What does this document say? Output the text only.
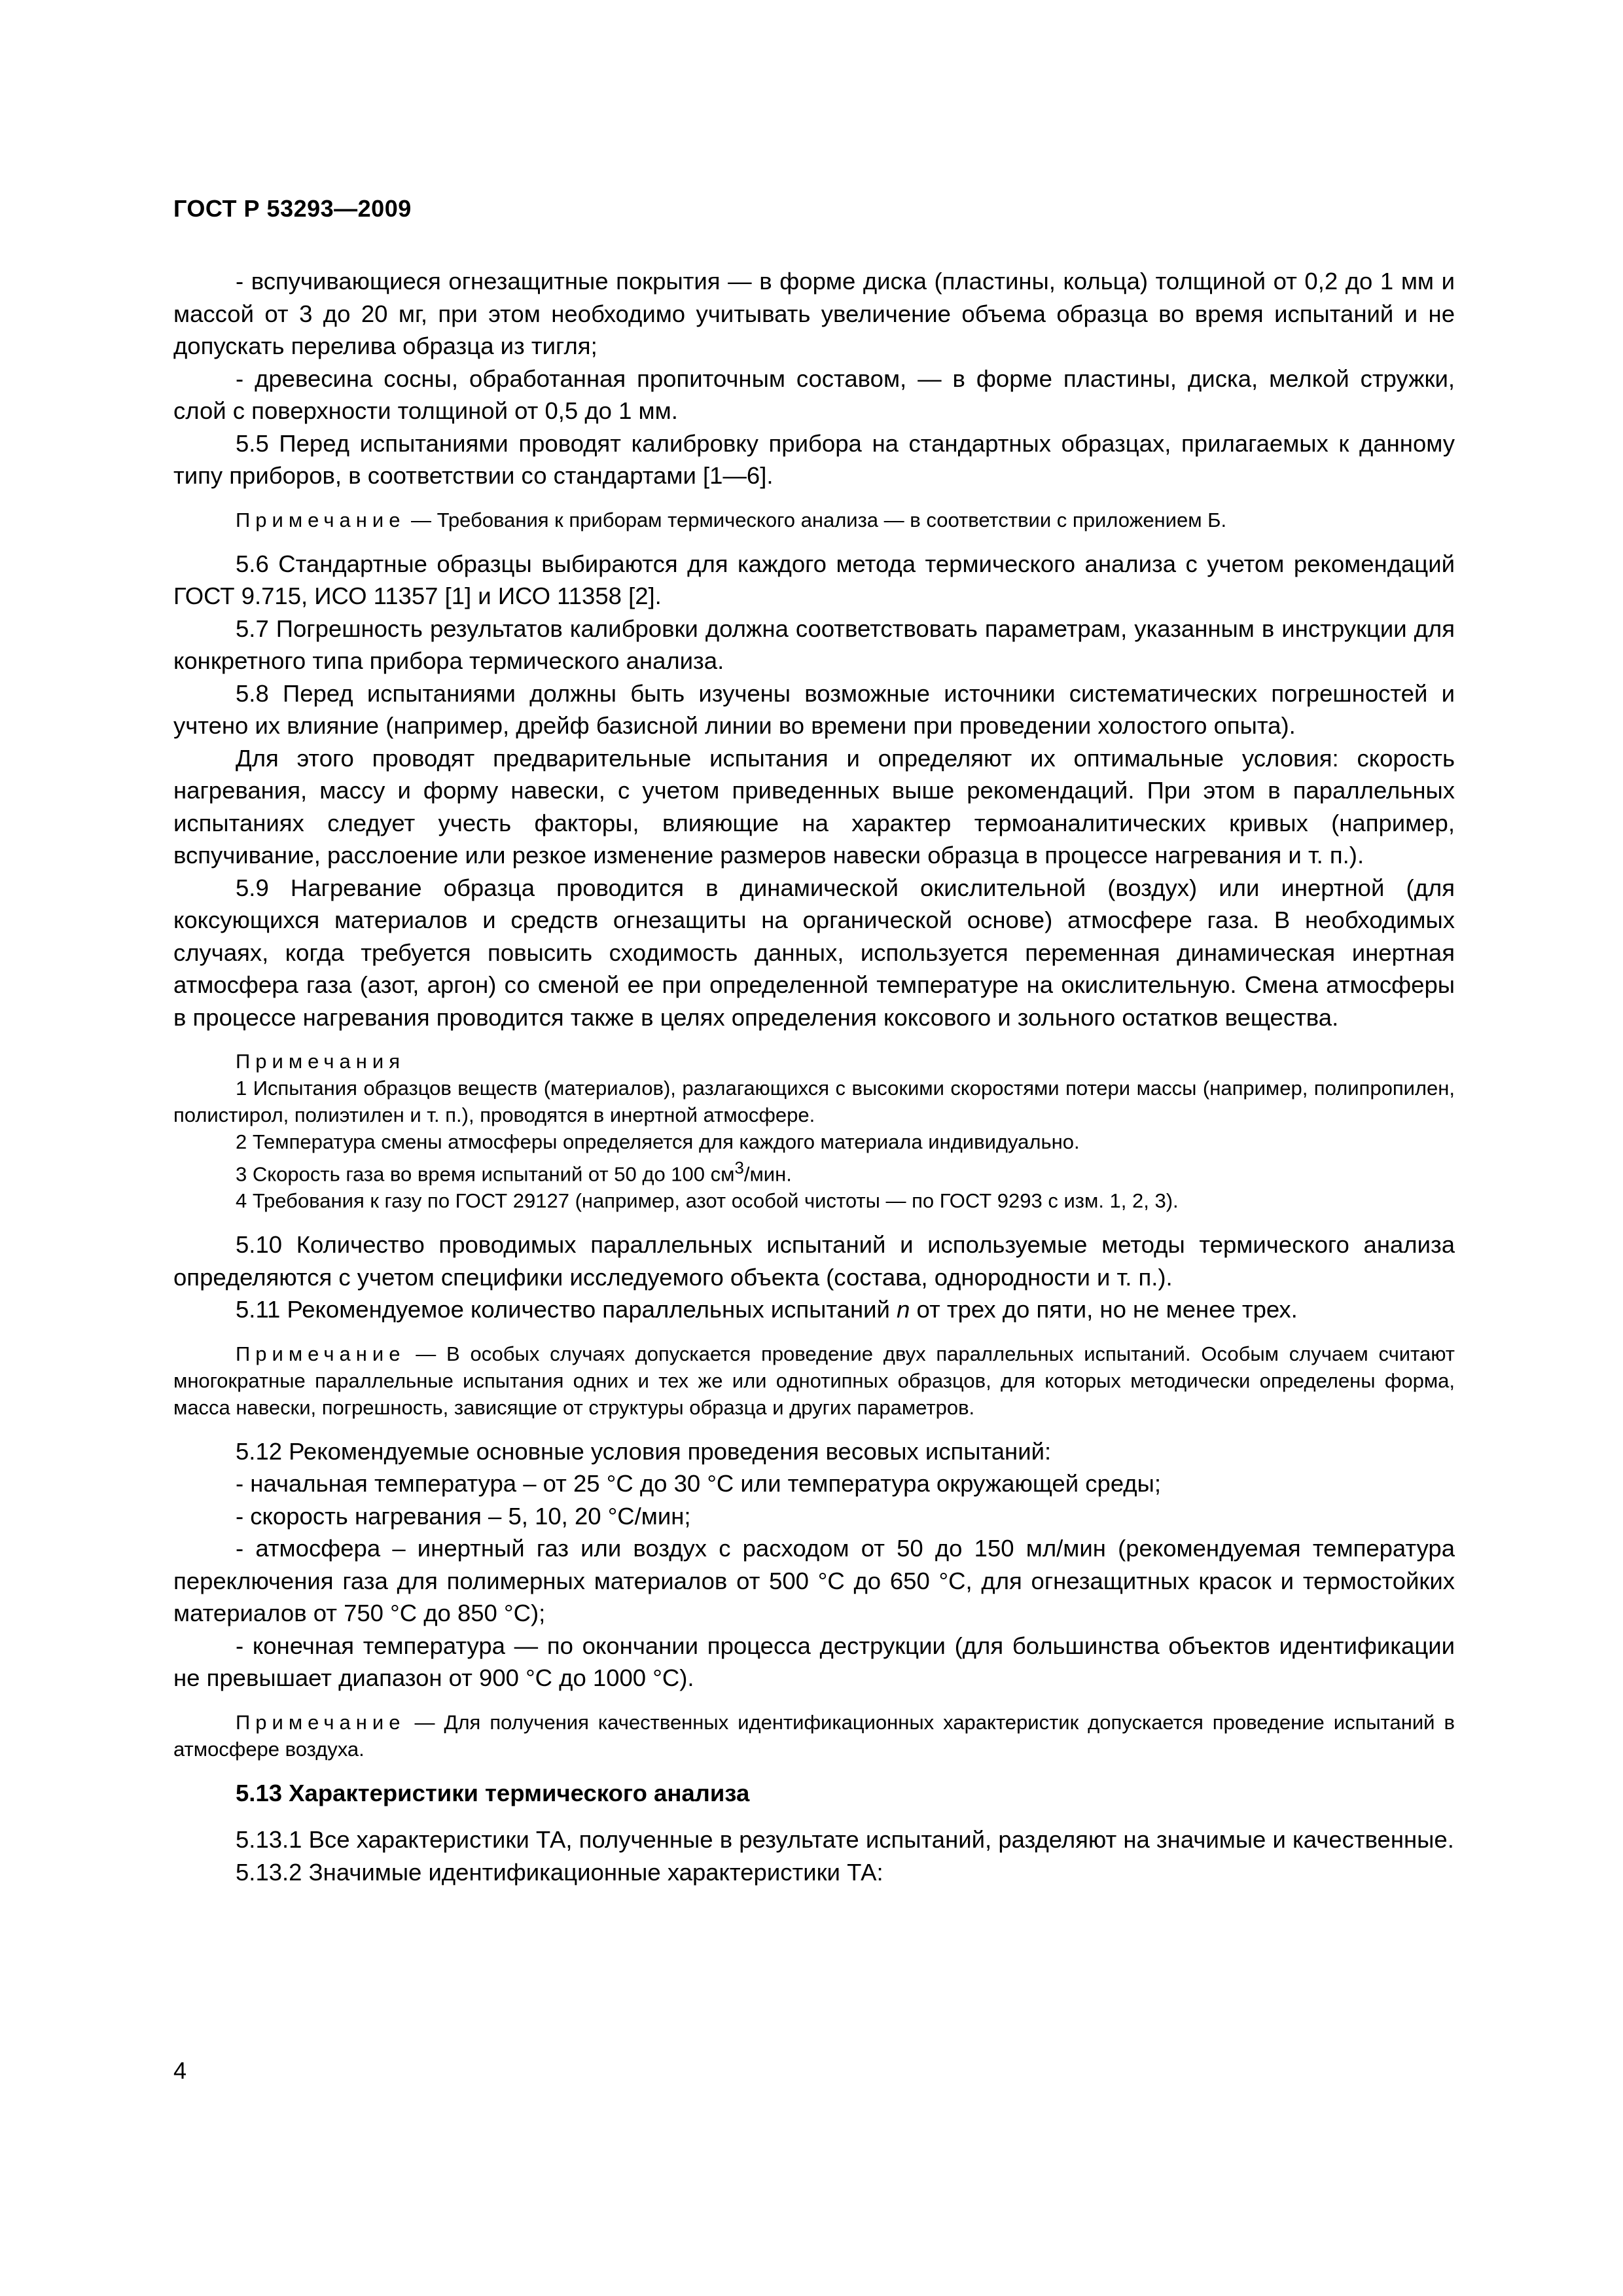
ГОСТ Р 53293—2009

- вспучивающиеся огнезащитные покрытия — в форме диска (пластины, кольца) толщиной от 0,2 до 1 мм и массой от 3 до 20 мг, при этом необходимо учитывать увеличение объема образца во время испытаний и не допускать перелива образца из тигля;

- древесина сосны, обработанная пропиточным составом, — в форме пластины, диска, мелкой стружки, слой с поверхности толщиной от 0,5 до 1 мм.

5.5 Перед испытаниями проводят калибровку прибора на стандартных образцах, прилагаемых к данному типу приборов, в соответствии со стандартами [1—6].

Примечание — Требования к приборам термического анализа — в соответствии с приложением Б.

5.6 Стандартные образцы выбираются для каждого метода термического анализа с учетом рекомендаций ГОСТ 9.715, ИСО 11357 [1] и ИСО 11358 [2].

5.7 Погрешность результатов калибровки должна соответствовать параметрам, указанным в инструкции для конкретного типа прибора термического анализа.

5.8 Перед испытаниями должны быть изучены возможные источники систематических погрешностей и учтено их влияние (например, дрейф базисной линии во времени при проведении холостого опыта).

Для этого проводят предварительные испытания и определяют их оптимальные условия: скорость нагревания, массу и форму навески, с учетом приведенных выше рекомендаций. При этом в параллельных испытаниях следует учесть факторы, влияющие на характер термоаналитических кривых (например, вспучивание, расслоение или резкое изменение размеров навески образца в процессе нагревания и т. п.).

5.9 Нагревание образца проводится в динамической окислительной (воздух) или инертной (для коксующихся материалов и средств огнезащиты на органической основе) атмосфере газа. В необходимых случаях, когда требуется повысить сходимость данных, используется переменная динамическая инертная атмосфера газа (азот, аргон) со сменой ее при определенной температуре на окислительную. Смена атмосферы в процессе нагревания проводится также в целях определения коксового и зольного остатков вещества.

Примечания

1 Испытания образцов веществ (материалов), разлагающихся с высокими скоростями потери массы (например, полипропилен, полистирол, полиэтилен и т. п.), проводятся в инертной атмосфере.

2 Температура смены атмосферы определяется для каждого материала индивидуально.

3 Скорость газа во время испытаний от 50 до 100 $см^3$/мин.

4 Требования к газу по ГОСТ 29127 (например, азот особой чистоты — по ГОСТ 9293 с изм. 1, 2, 3).

5.10 Количество проводимых параллельных испытаний и используемые методы термического анализа определяются с учетом специфики исследуемого объекта (состава, однородности и т. п.).

5.11 Рекомендуемое количество параллельных испытаний n от трех до пяти, но не менее трех.

Примечание — В особых случаях допускается проведение двух параллельных испытаний. Особым случаем считают многократные параллельные испытания одних и тех же или однотипных образцов, для которых методически определены форма, масса навески, погрешность, зависящие от структуры образца и других параметров.

5.12 Рекомендуемые основные условия проведения весовых испытаний:

- начальная температура – от 25 °С до 30 °С или температура окружающей среды;

- скорость нагревания – 5, 10, 20 °С/мин;

- атмосфера – инертный газ или воздух с расходом от 50 до 150 мл/мин (рекомендуемая температура переключения газа для полимерных материалов от 500 °С до 650 °С, для огнезащитных красок и термостойких материалов от 750 °С до 850 °С);

- конечная температура — по окончании процесса деструкции (для большинства объектов идентификации не превышает диапазон от 900 °С до 1000 °С).

Примечание — Для получения качественных идентификационных характеристик допускается проведение испытаний в атмосфере воздуха.

5.13 Характеристики термического анализа

5.13.1 Все характеристики ТА, полученные в результате испытаний, разделяют на значимые и качественные.

5.13.2 Значимые идентификационные характеристики ТА:

4
